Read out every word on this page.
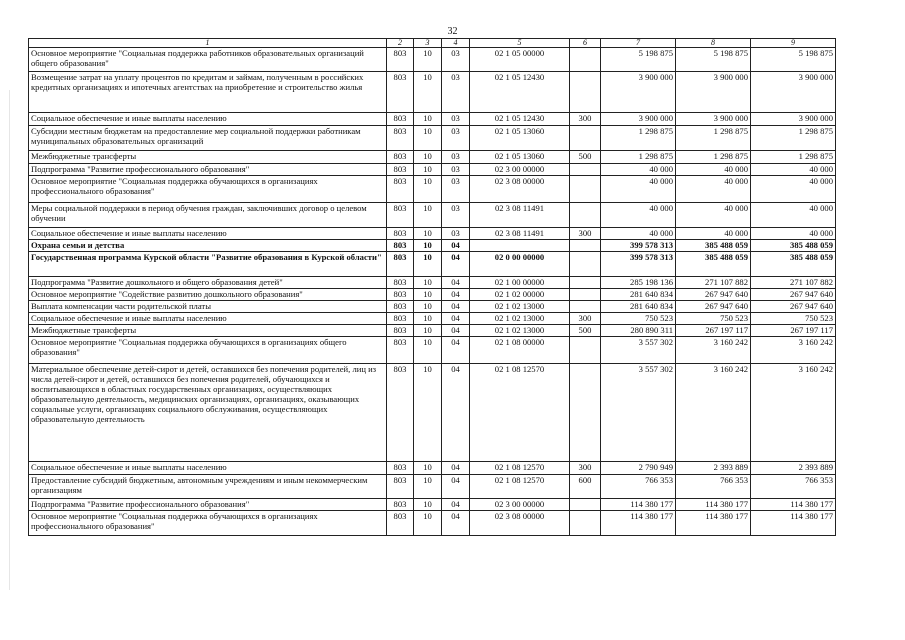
32
1	2	3	4	5	6	7	8	9
Основное мероприятие "Социальная поддержка работников образовательных организаций общего образования"	803	10	03	02 1 05 00000		5 198 875	5 198 875	5 198 875
Возмещение затрат на уплату процентов по кредитам и займам, полученным в российских кредитных организациях и ипотечных агентствах на приобретение и строительство жилья	803	10	03	02 1 05 12430		3 900 000	3 900 000	3 900 000
Социальное обеспечение и иные выплаты населению	803	10	03	02 1 05 12430	300	3 900 000	3 900 000	3 900 000
Субсидии местным бюджетам на предоставление мер социальной поддержки работникам муниципальных образовательных организаций	803	10	03	02 1 05 13060		1 298 875	1 298 875	1 298 875
Межбюджетные трансферты	803	10	03	02 1 05 13060	500	1 298 875	1 298 875	1 298 875
Подпрограмма "Развитие профессионального образования"	803	10	03	02 3 00 00000		40 000	40 000	40 000
Основное мероприятие "Социальная поддержка обучающихся в организациях профессионального образования"	803	10	03	02 3 08 00000		40 000	40 000	40 000
Меры социальной поддержки в период обучения граждан, заключивших договор о целевом обучении	803	10	03	02 3 08 11491		40 000	40 000	40 000
Социальное обеспечение и иные выплаты населению	803	10	03	02 3 08 11491	300	40 000	40 000	40 000
Охрана семьи и детства	803	10	04			399 578 313	385 488 059	385 488 059
Государственная программа Курской области "Развитие образования в Курской области"	803	10	04	02 0 00 00000		399 578 313	385 488 059	385 488 059
Подпрограмма "Развитие дошкольного и общего образования детей"	803	10	04	02 1 00 00000		285 198 136	271 107 882	271 107 882
Основное мероприятие "Содействие развитию дошкольного образования"	803	10	04	02 1 02 00000		281 640 834	267 947 640	267 947 640
Выплата компенсации части родительской платы	803	10	04	02 1 02 13000		281 640 834	267 947 640	267 947 640
Социальное обеспечение и иные выплаты населению	803	10	04	02 1 02 13000	300	750 523	750 523	750 523
Межбюджетные трансферты	803	10	04	02 1 02 13000	500	280 890 311	267 197 117	267 197 117
Основное мероприятие "Социальная поддержка обучающихся в организациях общего образования"	803	10	04	02 1 08 00000		3 557 302	3 160 242	3 160 242
Материальное обеспечение детей-сирот и детей, оставшихся без попечения родителей, лиц из числа детей-сирот и детей, оставшихся без попечения родителей, обучающихся и воспитывающихся в областных государственных организациях, осуществляющих образовательную деятельность, медицинских организациях, организациях, оказывающих социальные услуги, организациях социального обслуживания, осуществляющих образовательную деятельность	803	10	04	02 1 08 12570		3 557 302	3 160 242	3 160 242
Социальное обеспечение и иные выплаты населению	803	10	04	02 1 08 12570	300	2 790 949	2 393 889	2 393 889
Предоставление субсидий бюджетным, автономным учреждениям и иным некоммерческим организациям	803	10	04	02 1 08 12570	600	766 353	766 353	766 353
Подпрограмма "Развитие профессионального образования"	803	10	04	02 3 00 00000		114 380 177	114 380 177	114 380 177
Основное мероприятие "Социальная поддержка обучающихся в организациях профессионального образования"	803	10	04	02 3 08 00000		114 380 177	114 380 177	114 380 177
